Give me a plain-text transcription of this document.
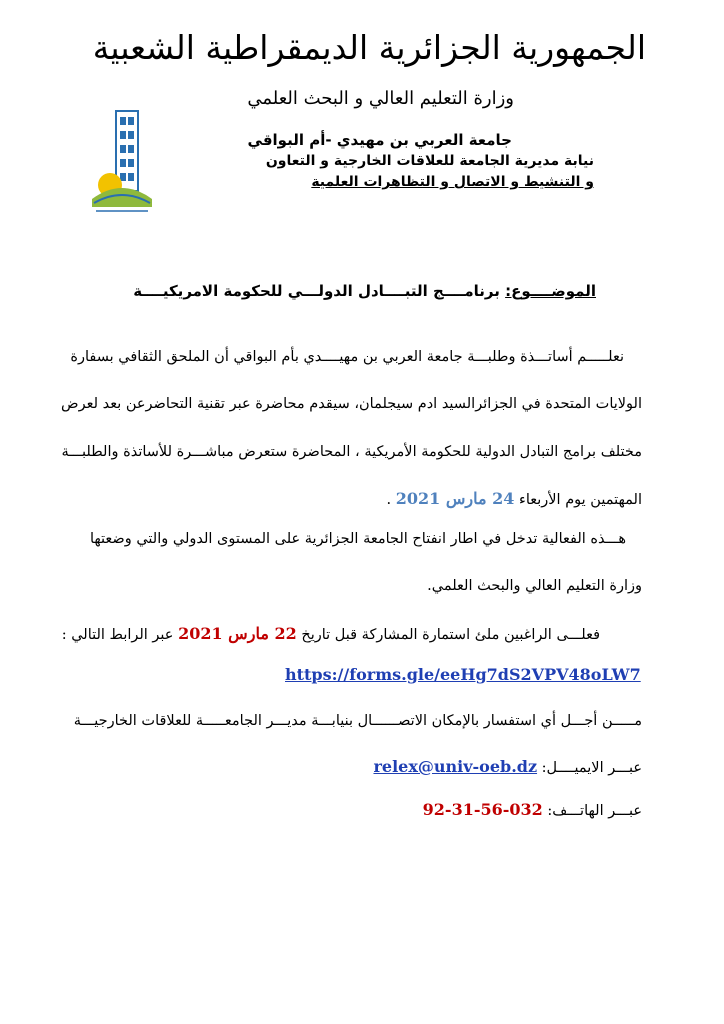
الجمهورية الجزائرية الديمقراطية الشعبية
وزارة التعليم العالي و البحث العلمي
جامعة العربي بن مهيدي -أم البواقي
نيابة مديرية الجامعة للعلاقات الخارجية و التعاون
و التنشيط و الاتصال و التظاهرات العلمية
الموضــــوع: برنامــــج التبــــادل الدولـــي للحكومة الامريكيــــة
نعلـــــم أساتـــذة وطلبـــة جامعة العربي بن مهيــــدي بأم البواقي أن الملحق الثقافي بسفارة
الولايات المتحدة في الجزائرالسيد ادم سيجلمان، سيقدم محاضرة عبر تقنية التحاضرعن بعد لعرض
مختلف برامج التبادل الدولية للحكومة الأمريكية ، المحاضرة ستعرض مباشـــرة للأساتذة والطلبـــة
المهتمين يوم الأربعاء 24 مارس 2021 .
هـــذه الفعالية تدخل في اطار انفتاح الجامعة الجزائرية على المستوى الدولي والتي وضعتها
وزارة التعليم العالي والبحث العلمي.
فعلـــى الراغبين ملئ استمارة المشاركة قبل تاريخ 22 مارس 2021 عبر الرابط التالي :
https://forms.gle/eeHg7dS2VPV48oLW7
مـــــن أجـــل أي استفسار بالإمكان الاتصــــــال بنيابـــة مديـــر الجامعـــــة للعلاقات الخارجيـــة
عبـــر الايميــــل: relex@univ-oeb.dz
عبـــر الهاتـــف: 032-56-31-92
